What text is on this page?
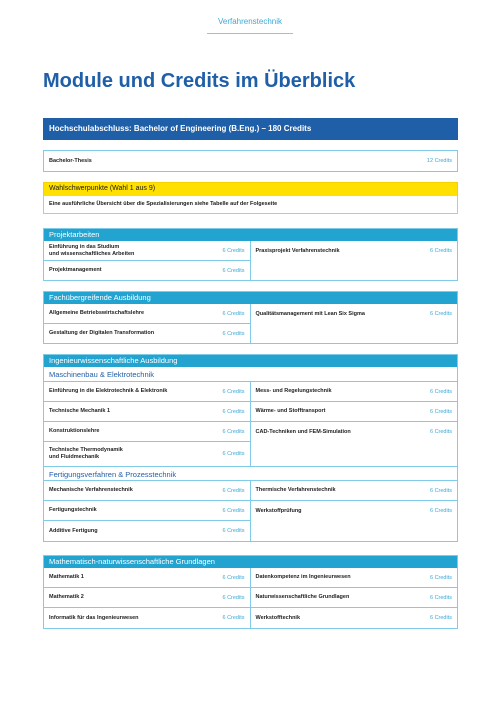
Verfahrenstechnik
Module und Credits im Überblick
Hochschulabschluss: Bachelor of Engineering (B.Eng.) – 180 Credits
Bachelor-Thesis	12 Credits
Wahlschwerpunkte (Wahl 1 aus 9)
Eine ausführliche Übersicht über die Spezialisierungen siehe Tabelle auf der Folgeseite
Projektarbeiten
Einführung in das Studium
und wissenschaftliches Arbeiten	6 Credits
Projektmanagement	6 Credits
Praxisprojekt Verfahrenstechnik	6 Credits
Fachübergreifende Ausbildung
Allgemeine Betriebswirtschaftslehre	6 Credits
Gestaltung der Digitalen Transformation	6 Credits
Qualitätsmanagement mit Lean Six Sigma	6 Credits
Ingenieurwissenschaftliche Ausbildung
Maschinenbau & Elektrotechnik
Einführung in die Elektrotechnik & Elektronik	6 Credits
Technische Mechanik 1	6 Credits
Konstruktionslehre	6 Credits
Technische Thermodynamik
und Fluidmechanik	6 Credits
Mess- und Regelungstechnik	6 Credits
Wärme- und Stofftransport	6 Credits
CAD-Techniken und FEM-Simulation	6 Credits
Fertigungsverfahren & Prozesstechnik
Mechanische Verfahrenstechnik	6 Credits
Fertigungstechnik	6 Credits
Additive Fertigung	6 Credits
Thermische Verfahrenstechnik	6 Credits
Werkstoffprüfung	6 Credits
Mathematisch-naturwissenschaftliche Grundlagen
Mathematik 1	6 Credits
Mathematik 2	6 Credits
Informatik für das Ingenieurwesen	6 Credits
Datenkompetenz im Ingenieurwesen	6 Credits
Naturwissenschaftliche Grundlagen	6 Credits
Werkstofftechnik	6 Credits
